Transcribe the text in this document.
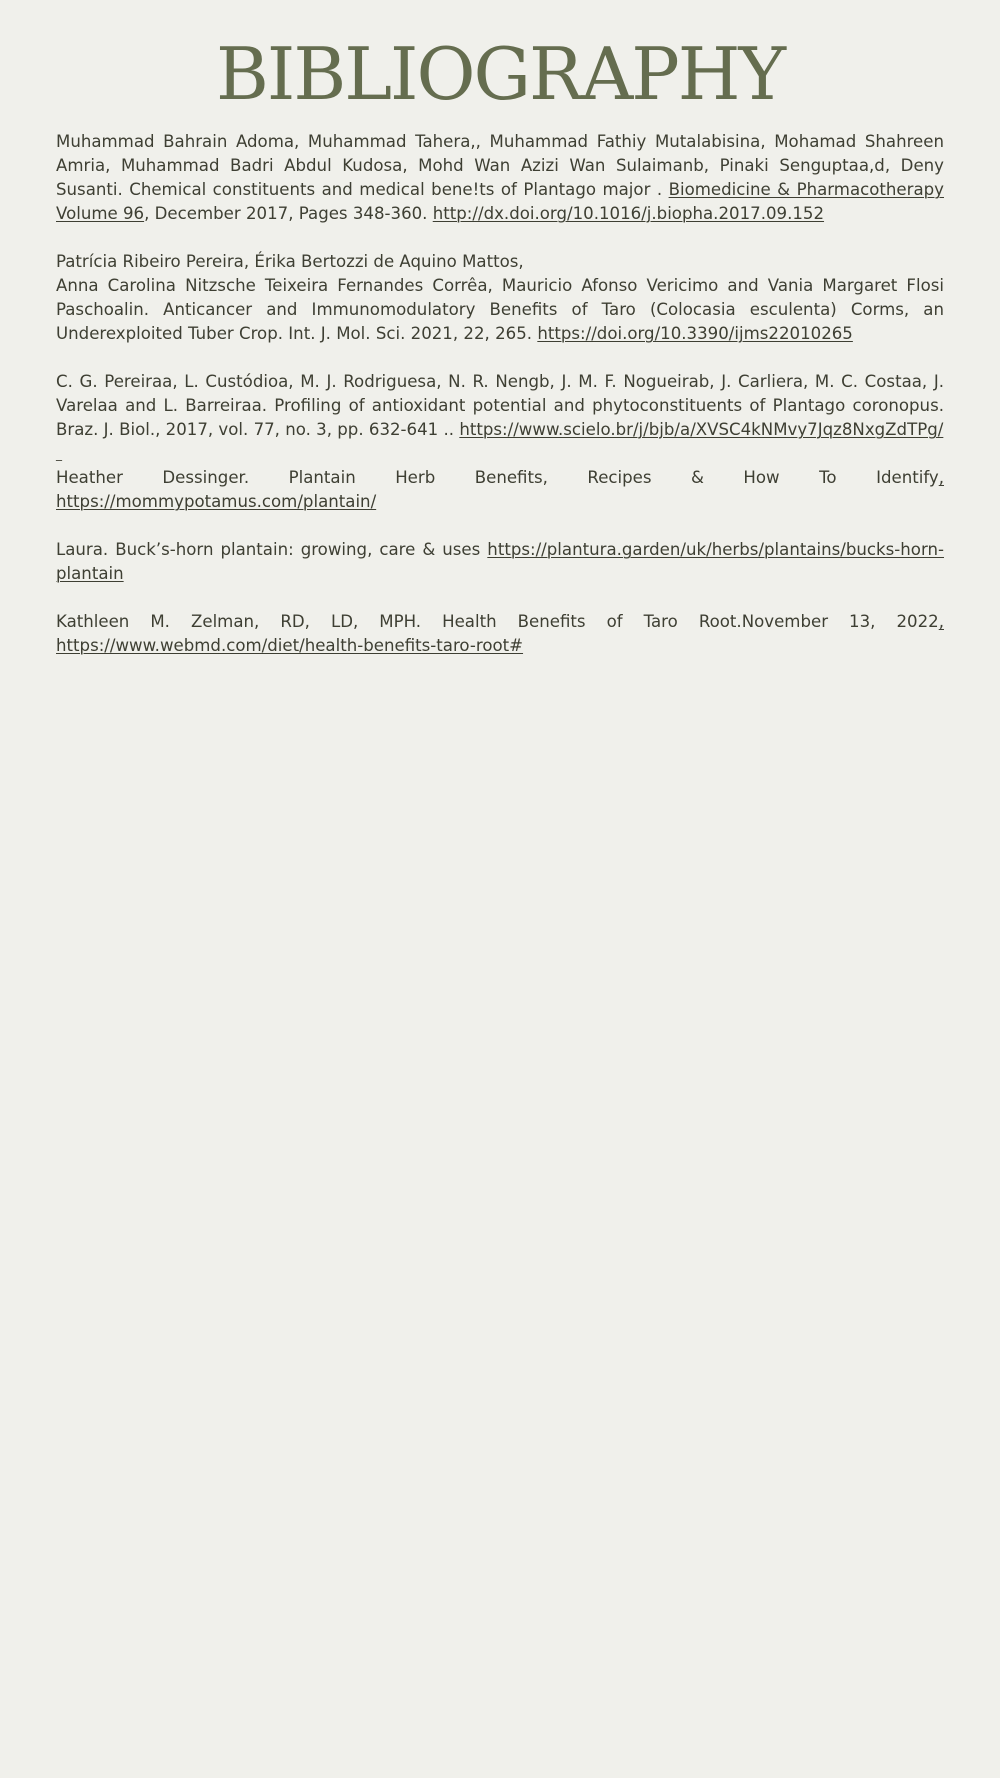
BIBLIOGRAPHY

Muhammad Bahrain Adoma, Muhammad Tahera,, Muhammad Fathiy Mutalabisina, Mohamad Shahreen Amria, Muhammad Badri Abdul Kudosa, Mohd Wan Azizi Wan Sulaimanb, Pinaki Senguptaa,d, Deny Susanti. Chemical constituents and medical bene!ts of Plantago major . Biomedicine & Pharmacotherapy Volume 96, December 2017, Pages 348-360. http://dx.doi.org/10.1016/j.biopha.2017.09.152

Patrícia Ribeiro Pereira, Érika Bertozzi de Aquino Mattos,
Anna Carolina Nitzsche Teixeira Fernandes Corrêa, Mauricio Afonso Vericimo and Vania Margaret Flosi Paschoalin. Anticancer and Immunomodulatory Benefits of Taro (Colocasia esculenta) Corms, an Underexploited Tuber Crop. Int. J. Mol. Sci. 2021, 22, 265. https://doi.org/10.3390/ijms22010265

C. G. Pereiraa, L. Custódioa, M. J. Rodriguesa, N. R. Nengb, J. M. F. Nogueirab, J. Carliera, M. C. Costaa, J. Varelaa and L. Barreiraa. Profiling of antioxidant potential and phytoconstituents of Plantago coronopus. Braz. J. Biol., 2017, vol. 77, no. 3, pp. 632-641 .. https://www.scielo.br/j/bjb/a/XVSC4kNMvy7Jqz8NxgZdTPg/

_

Heather Dessinger. Plantain Herb Benefits, Recipes & How To Identify,
https://mommypotamus.com/plantain/

Laura. Buck’s-horn plantain: growing, care & uses https://plantura.garden/uk/herbs/plantains/bucks-horn-plantain

Kathleen M. Zelman, RD, LD, MPH. Health Benefits of Taro Root.November 13, 2022,
https://www.webmd.com/diet/health-benefits-taro-root#
